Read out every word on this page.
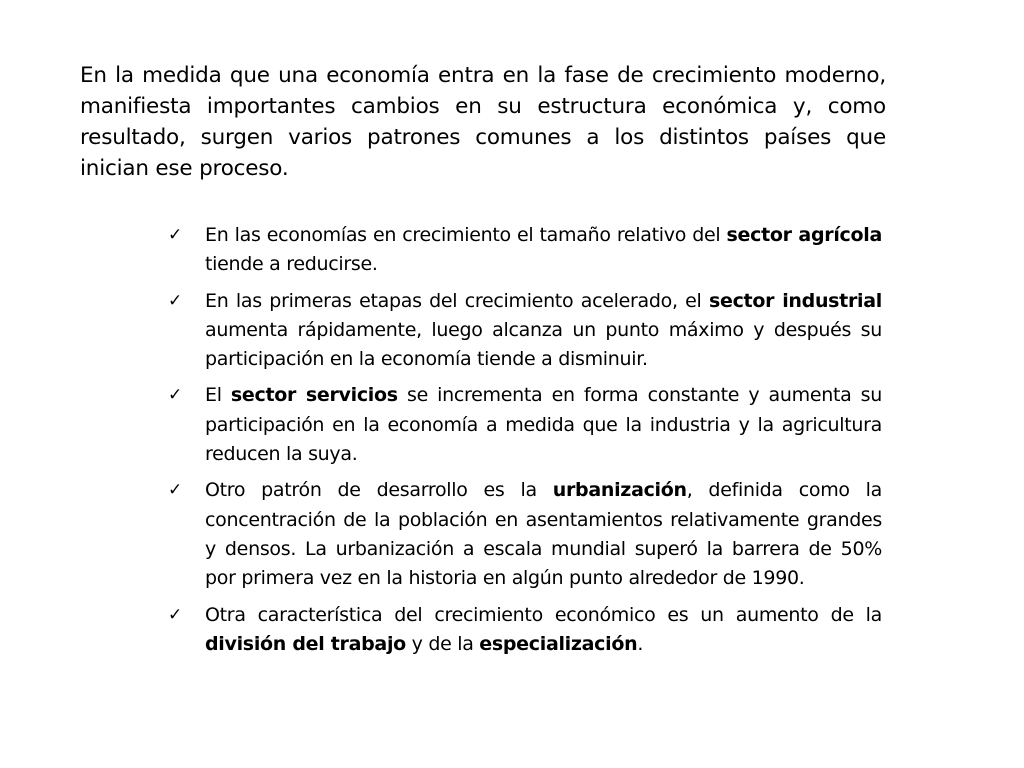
En la medida que una economía entra en la fase de crecimiento moderno, manifiesta importantes cambios en su estructura económica y, como resultado, surgen varios patrones comunes a los distintos países que inician ese proceso.

✓	En las economías en crecimiento el tamaño relativo del sector agrícola tiende a reducirse.
✓	En las primeras etapas del crecimiento acelerado, el sector industrial aumenta rápidamente, luego alcanza un punto máximo y después su participación en la economía tiende a disminuir.
✓	El sector servicios se incrementa en forma constante y aumenta su participación en la economía a medida que la industria y la agricultura reducen la suya.
✓	Otro patrón de desarrollo es la urbanización, definida como la concentración de la población en asentamientos relativamente grandes y densos. La urbanización a escala mundial superó la barrera de 50% por primera vez en la historia en algún punto alrededor de 1990.
✓	Otra característica del crecimiento económico es un aumento de la división del trabajo y de la especialización.
